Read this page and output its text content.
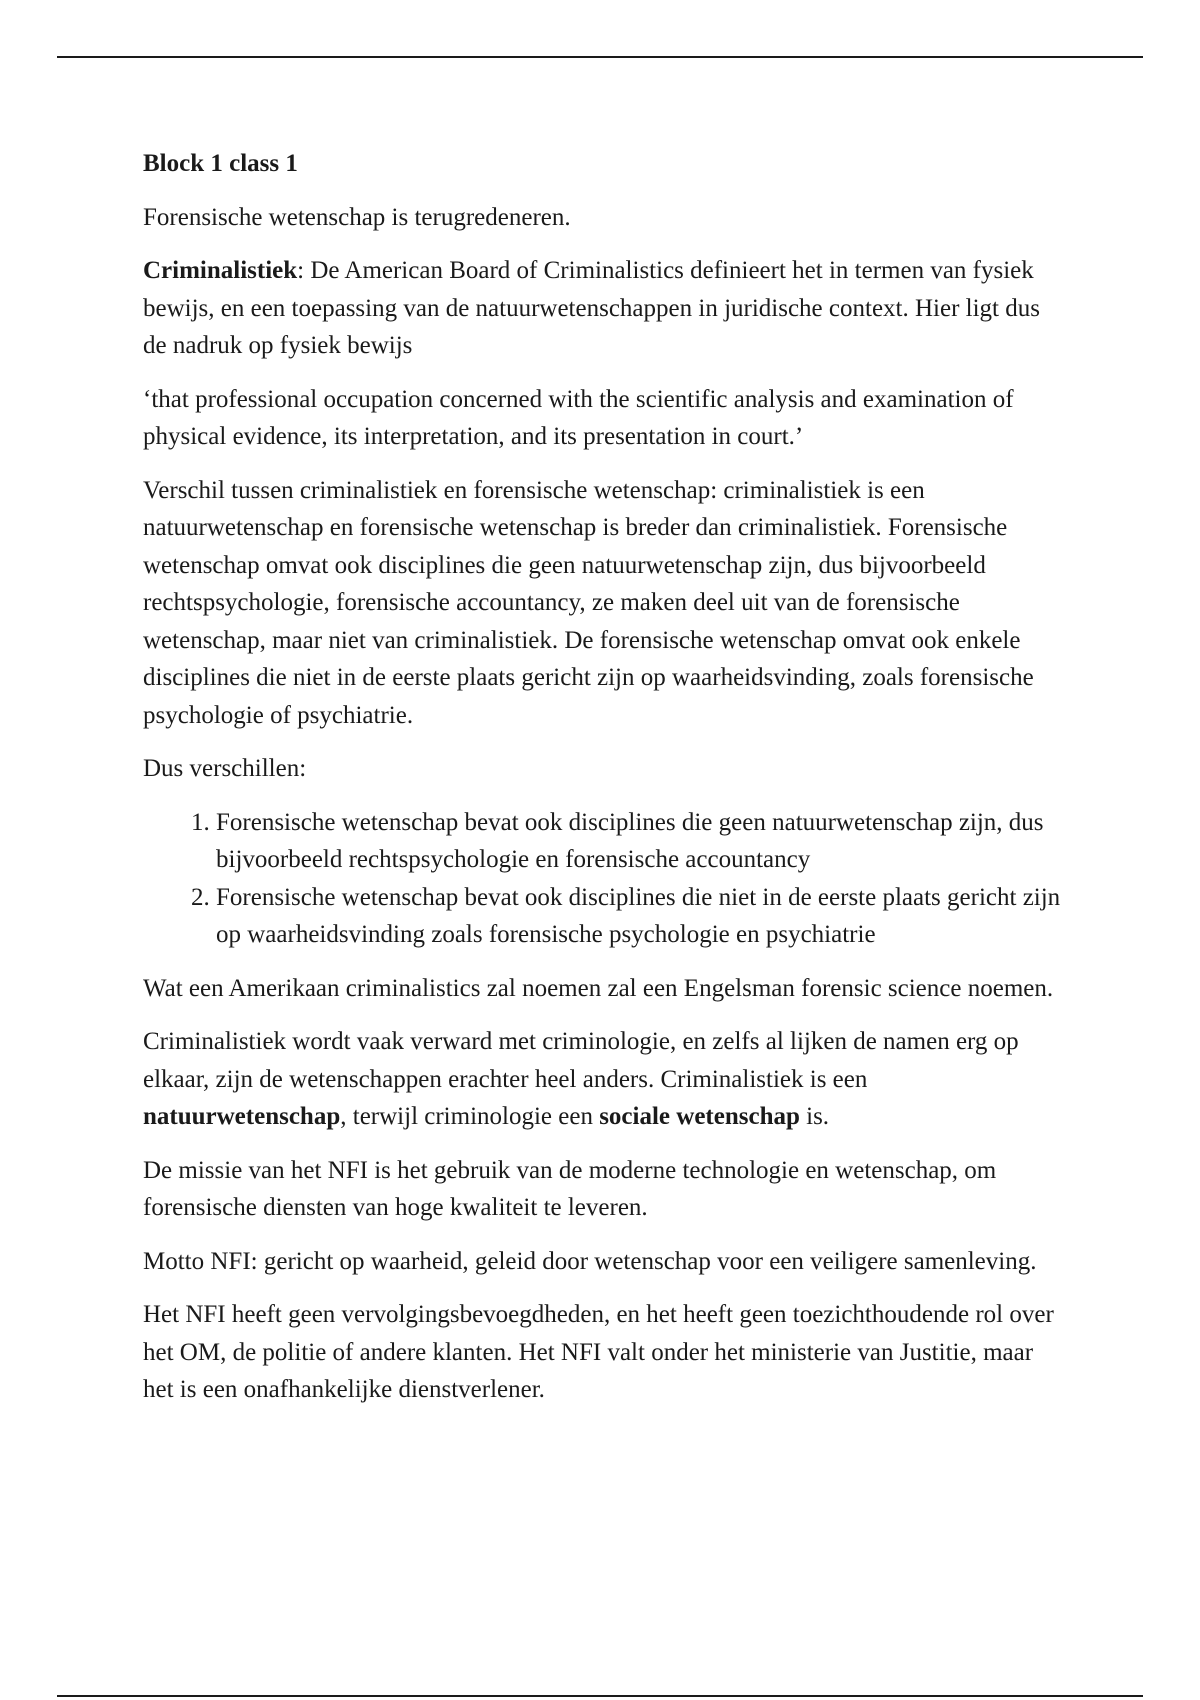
Block 1 class 1

Forensische wetenschap is terugredeneren.

Criminalistiek: De American Board of Criminalistics definieert het in termen van fysiek bewijs, en een toepassing van de natuurwetenschappen in juridische context. Hier ligt dus de nadruk op fysiek bewijs

‘that professional occupation concerned with the scientific analysis and examination of physical evidence, its interpretation, and its presentation in court.’

Verschil tussen criminalistiek en forensische wetenschap: criminalistiek is een natuurwetenschap en forensische wetenschap is breder dan criminalistiek. Forensische wetenschap omvat ook disciplines die geen natuurwetenschap zijn, dus bijvoorbeeld rechtspsychologie, forensische accountancy, ze maken deel uit van de forensische wetenschap, maar niet van criminalistiek. De forensische wetenschap omvat ook enkele disciplines die niet in de eerste plaats gericht zijn op waarheidsvinding, zoals forensische psychologie of psychiatrie.

Dus verschillen:

1. Forensische wetenschap bevat ook disciplines die geen natuurwetenschap zijn, dus bijvoorbeeld rechtspsychologie en forensische accountancy
2. Forensische wetenschap bevat ook disciplines die niet in de eerste plaats gericht zijn op waarheidsvinding zoals forensische psychologie en psychiatrie

Wat een Amerikaan criminalistics zal noemen zal een Engelsman forensic science noemen.

Criminalistiek wordt vaak verward met criminologie, en zelfs al lijken de namen erg op elkaar, zijn de wetenschappen erachter heel anders. Criminalistiek is een natuurwetenschap, terwijl criminologie een sociale wetenschap is.

De missie van het NFI is het gebruik van de moderne technologie en wetenschap, om forensische diensten van hoge kwaliteit te leveren.

Motto NFI: gericht op waarheid, geleid door wetenschap voor een veiligere samenleving.

Het NFI heeft geen vervolgingsbevoegdheden, en het heeft geen toezichthoudende rol over het OM, de politie of andere klanten. Het NFI valt onder het ministerie van Justitie, maar het is een onafhankelijke dienstverlener.
